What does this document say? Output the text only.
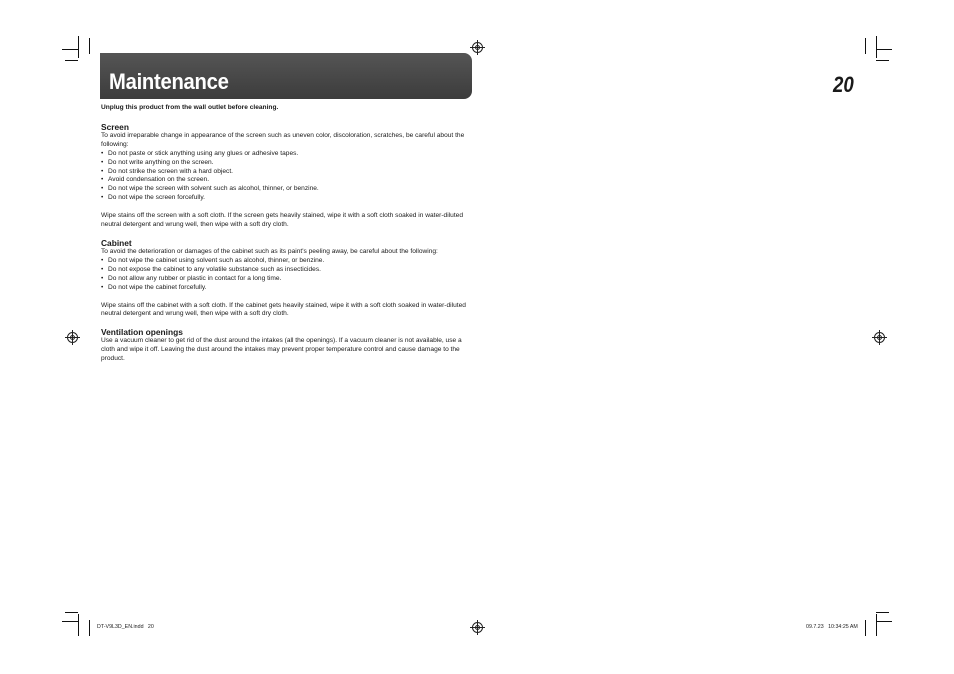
Maintenance	20

Unplug this product from the wall outlet before cleaning.

Screen

To avoid irreparable change in appearance of the screen such as uneven color, discoloration, scratches, be careful about the following:

• Do not paste or stick anything using any glues or adhesive tapes.
• Do not write anything on the screen.
• Do not strike the screen with a hard object.
• Avoid condensation on the screen.
• Do not wipe the screen with solvent such as alcohol, thinner, or benzine.
• Do not wipe the screen forcefully.

Wipe stains off the screen with a soft cloth. If the screen gets heavily stained, wipe it with a soft cloth soaked in water-diluted neutral detergent and wrung well, then wipe with a soft dry cloth.

Cabinet

To avoid the deterioration or damages of the cabinet such as its paint's peeling away, be careful about the following:

• Do not wipe the cabinet using solvent such as alcohol, thinner, or benzine.
• Do not expose the cabinet to any volatile substance such as insecticides.
• Do not allow any rubber or plastic in contact for a long time.
• Do not wipe the cabinet forcefully.

Wipe stains off the cabinet with a soft cloth. If the cabinet gets heavily stained, wipe it with a soft cloth soaked in water-diluted neutral detergent and wrung well, then wipe with a soft dry cloth.

Ventilation openings

Use a vacuum cleaner to get rid of the dust around the intakes (all the openings). If a vacuum cleaner is not available, use a cloth and wipe it off. Leaving the dust around the intakes may prevent proper temperature control and cause damage to the product.

DT-V9L3D_EN.indd   20	09.7.23   10:34:25 AM
